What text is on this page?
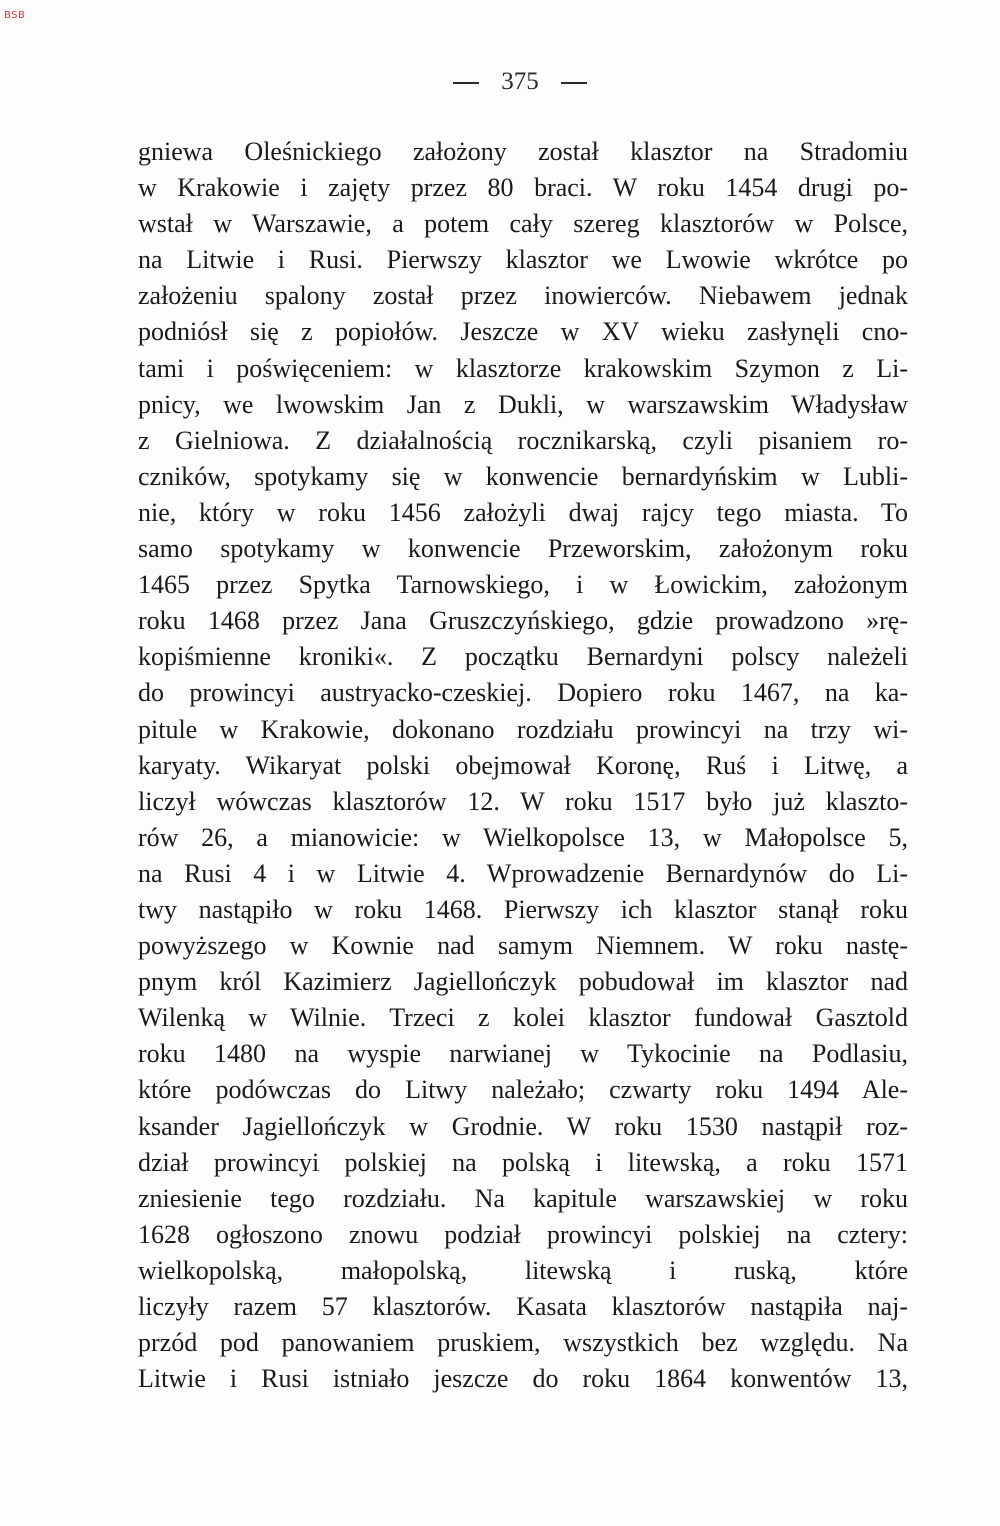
BSB
375
gniewa Oleśnickiego założony został klasztor na Stradomiu
w Krakowie i zajęty przez 80 braci. W roku 1454 drugi po-
wstał w Warszawie, a potem cały szereg klasztorów w Polsce,
na Litwie i Rusi. Pierwszy klasztor we Lwowie wkrótce po
założeniu spalony został przez inowierców. Niebawem jednak
podniósł się z popiołów. Jeszcze w XV wieku zasłynęli cno-
tami i poświęceniem: w klasztorze krakowskim Szymon z Li-
pnicy, we lwowskim Jan z Dukli, w warszawskim Władysław
z Gielniowa. Z działalnością rocznikarską, czyli pisaniem ro-
czników, spotykamy się w konwencie bernardyńskim w Lubli-
nie, który w roku 1456 założyli dwaj rajcy tego miasta. To
samo spotykamy w konwencie Przeworskim, założonym roku
1465 przez Spytka Tarnowskiego, i w Łowickim, założonym
roku 1468 przez Jana Gruszczyńskiego, gdzie prowadzono »rę-
kopiśmienne kroniki«. Z początku Bernardyni polscy należeli
do prowincyi austryacko-czeskiej. Dopiero roku 1467, na ka-
pitule w Krakowie, dokonano rozdziału prowincyi na trzy wi-
karyaty. Wikaryat polski obejmował Koronę, Ruś i Litwę, a
liczył wówczas klasztorów 12. W roku 1517 było już klaszto-
rów 26, a mianowicie: w Wielkopolsce 13, w Małopolsce 5,
na Rusi 4 i w Litwie 4. Wprowadzenie Bernardynów do Li-
twy nastąpiło w roku 1468. Pierwszy ich klasztor stanął roku
powyższego w Kownie nad samym Niemnem. W roku nastę-
pnym król Kazimierz Jagiellończyk pobudował im klasztor nad
Wilenką w Wilnie. Trzeci z kolei klasztor fundował Gasztold
roku 1480 na wyspie narwianej w Tykocinie na Podlasiu,
które podówczas do Litwy należało; czwarty roku 1494 Ale-
ksander Jagiellończyk w Grodnie. W roku 1530 nastąpił roz-
dział prowincyi polskiej na polską i litewską, a roku 1571
zniesienie tego rozdziału. Na kapitule warszawskiej w roku
1628 ogłoszono znowu podział prowincyi polskiej na cztery:
wielkopolską, małopolską, litewską i ruską, które
liczyły razem 57 klasztorów. Kasata klasztorów nastąpiła naj-
przód pod panowaniem pruskiem, wszystkich bez względu. Na
Litwie i Rusi istniało jeszcze do roku 1864 konwentów 13,
